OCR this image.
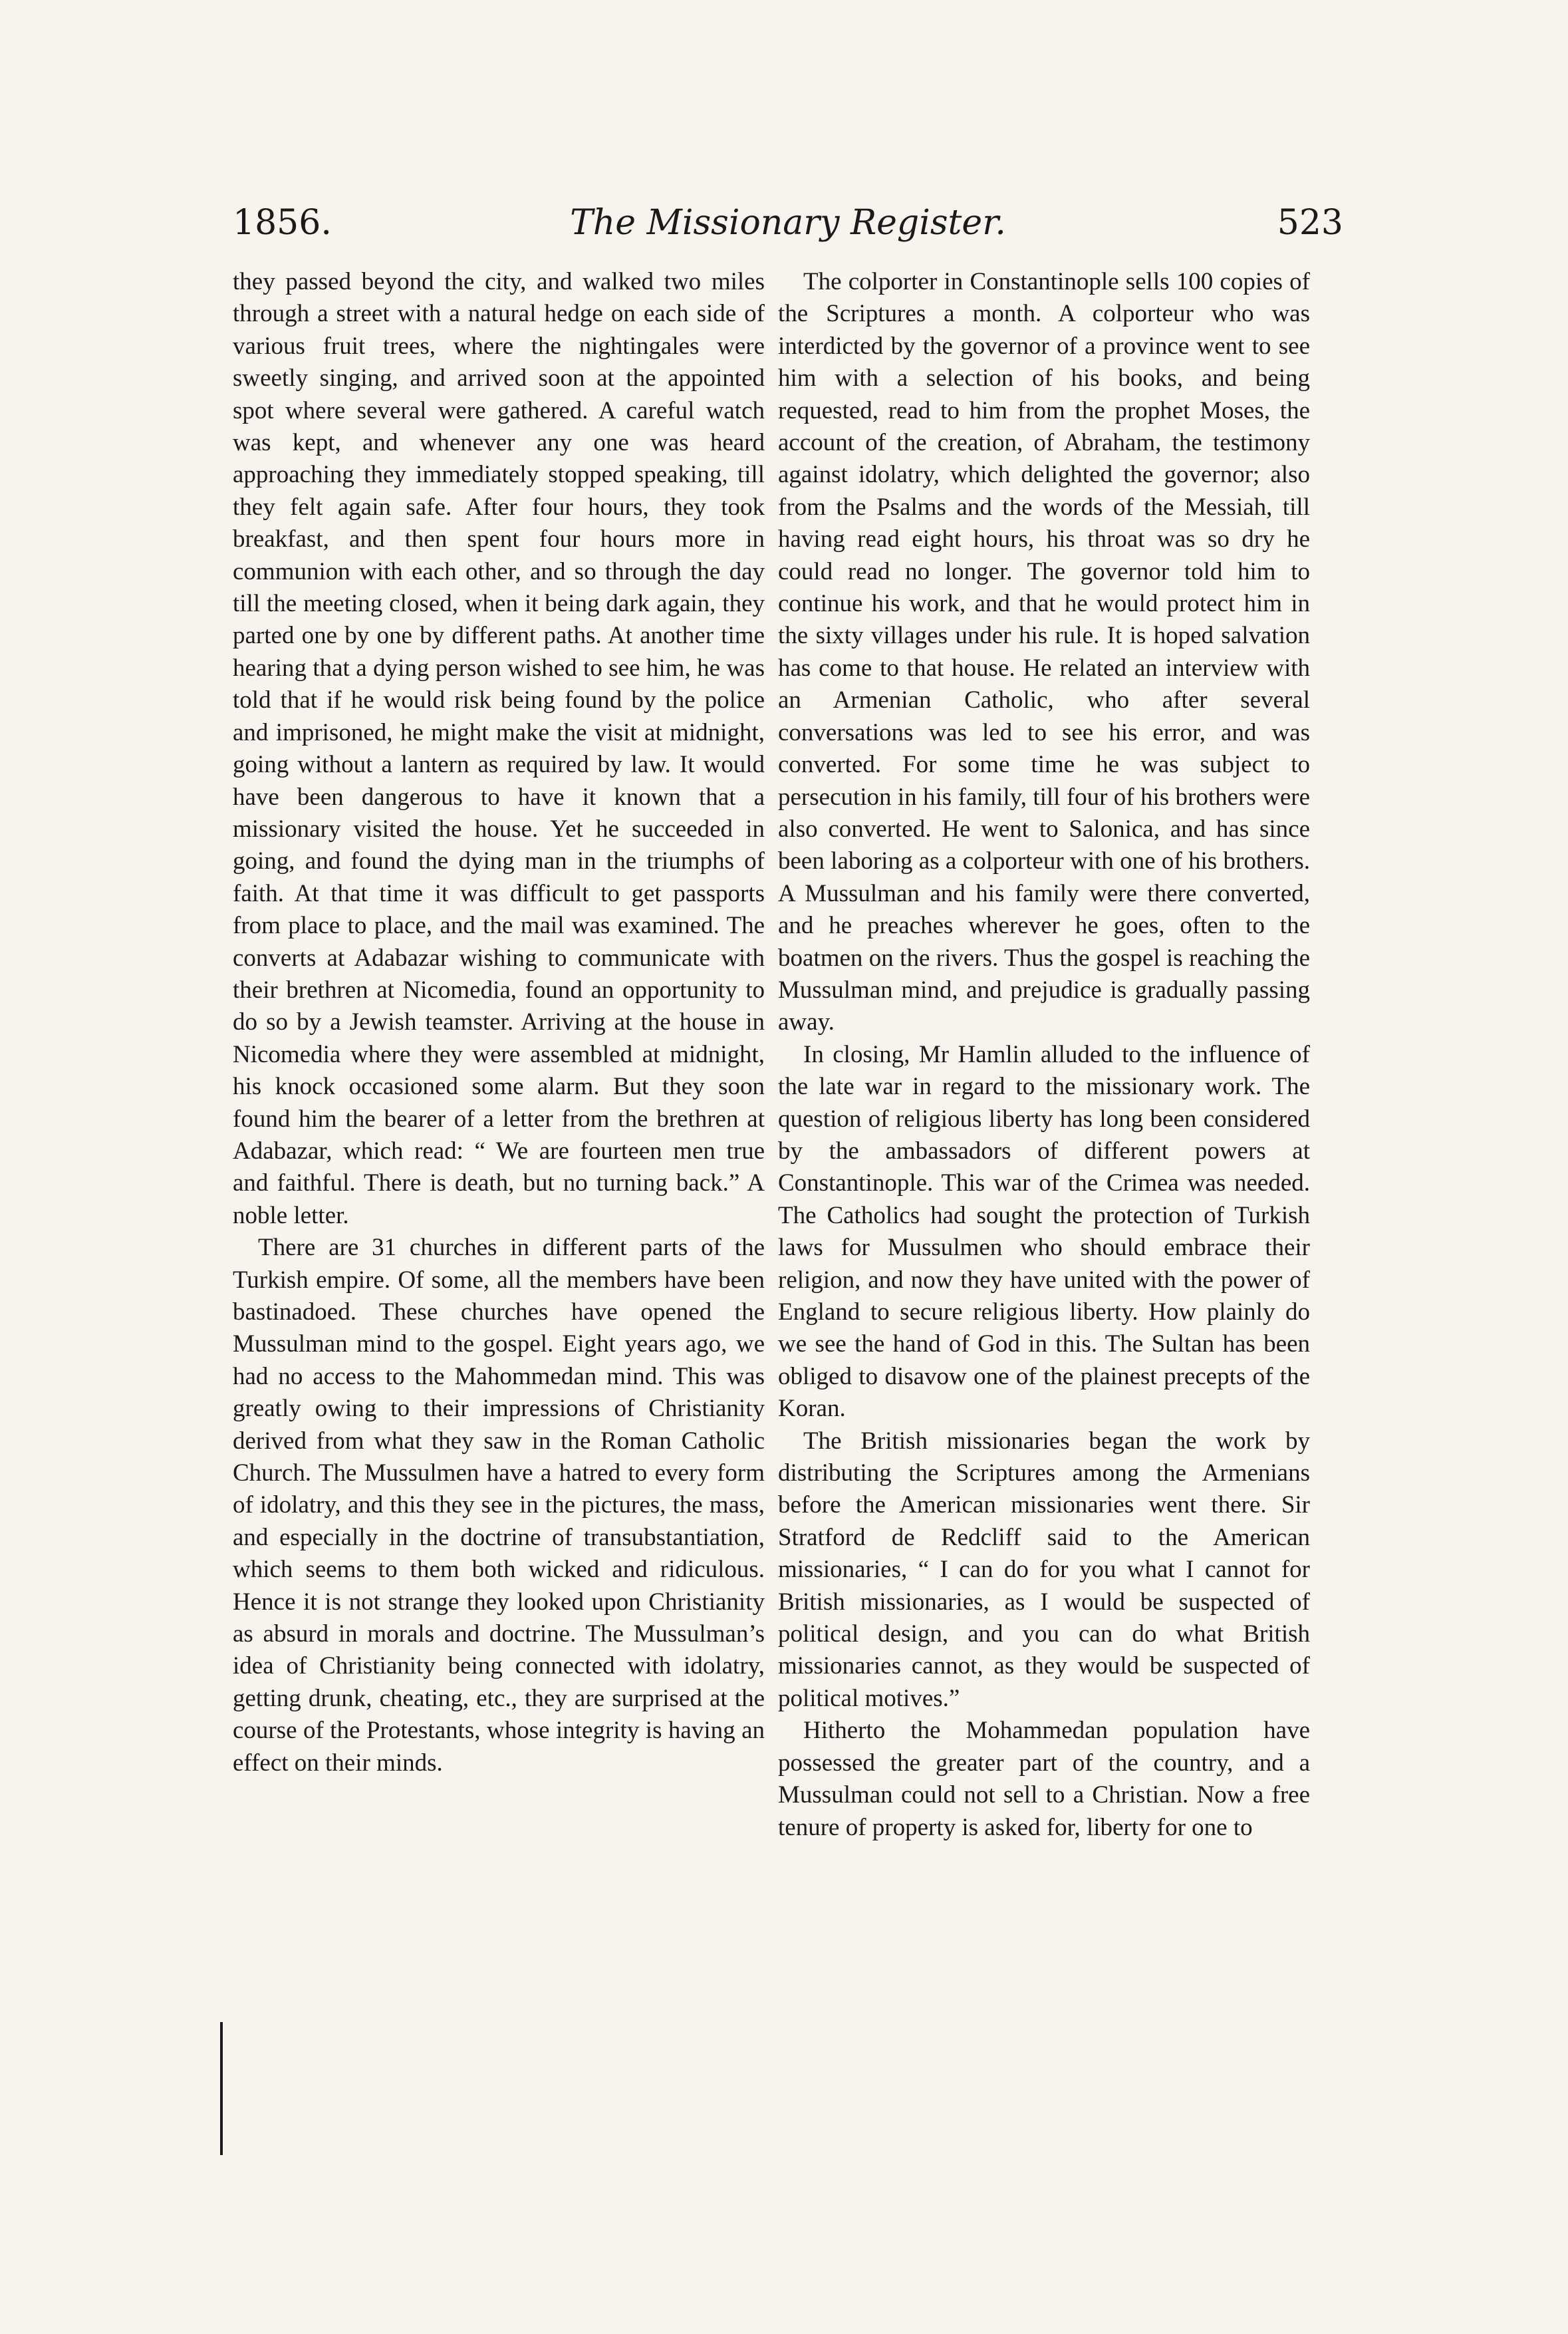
1856.	The Missionary Register.	523

they passed beyond the city, and walked two miles through a street with a natural hedge on each side of various fruit trees, where the nightingales were sweetly singing, and arrived soon at the appointed spot where several were gathered. A careful watch was kept, and whenever any one was heard approaching they immediately stopped speaking, till they felt again safe. After four hours, they took breakfast, and then spent four hours more in communion with each other, and so through the day till the meeting closed, when it being dark again, they parted one by one by different paths. At another time hearing that a dying person wished to see him, he was told that if he would risk being found by the police and imprisoned, he might make the visit at midnight, going without a lantern as required by law. It would have been dangerous to have it known that a missionary visited the house. Yet he succeeded in going, and found the dying man in the triumphs of faith. At that time it was difficult to get passports from place to place, and the mail was examined. The converts at Adabazar wishing to communicate with their brethren at Nicomedia, found an opportunity to do so by a Jewish teamster. Arriving at the house in Nicomedia where they were assembled at midnight, his knock occasioned some alarm. But they soon found him the bearer of a letter from the brethren at Adabazar, which read: “ We are fourteen men true and faithful. There is death, but no turning back.” A noble letter.

There are 31 churches in different parts of the Turkish empire. Of some, all the members have been bastinadoed. These churches have opened the Mussulman mind to the gospel. Eight years ago, we had no access to the Mahommedan mind. This was greatly owing to their impressions of Christianity derived from what they saw in the Roman Catholic Church. The Mussulmen have a hatred to every form of idolatry, and this they see in the pictures, the mass, and especially in the doctrine of transubstantiation, which seems to them both wicked and ridiculous. Hence it is not strange they looked upon Christianity as absurd in morals and doctrine. The Mussulman’s idea of Christianity being connected with idolatry, getting drunk, cheating, etc., they are surprised at the course of the Protestants, whose integrity is having an effect on their minds.

The colporter in Constantinople sells 100 copies of the Scriptures a month. A colporteur who was interdicted by the governor of a province went to see him with a selection of his books, and being requested, read to him from the prophet Moses, the account of the creation, of Abraham, the testimony against idolatry, which delighted the governor; also from the Psalms and the words of the Messiah, till having read eight hours, his throat was so dry he could read no longer. The governor told him to continue his work, and that he would protect him in the sixty villages under his rule. It is hoped salvation has come to that house. He related an interview with an Armenian Catholic, who after several conversations was led to see his error, and was converted. For some time he was subject to persecution in his family, till four of his brothers were also converted. He went to Salonica, and has since been laboring as a colporteur with one of his brothers. A Mussulman and his family were there converted, and he preaches wherever he goes, often to the boatmen on the rivers. Thus the gospel is reaching the Mussulman mind, and prejudice is gradually passing away.

In closing, Mr Hamlin alluded to the influence of the late war in regard to the missionary work. The question of religious liberty has long been considered by the ambassadors of different powers at Constantinople. This war of the Crimea was needed. The Catholics had sought the protection of Turkish laws for Mussulmen who should embrace their religion, and now they have united with the power of England to secure religious liberty. How plainly do we see the hand of God in this. The Sultan has been obliged to disavow one of the plainest precepts of the Koran.

The British missionaries began the work by distributing the Scriptures among the Armenians before the American missionaries went there. Sir Stratford de Redcliff said to the American missionaries, “ I can do for you what I cannot for British missionaries, as I would be suspected of political design, and you can do what British missionaries cannot, as they would be suspected of political motives.”

Hitherto the Mohammedan population have possessed the greater part of the country, and a Mussulman could not sell to a Christian. Now a free tenure of property is asked for, liberty for one to
